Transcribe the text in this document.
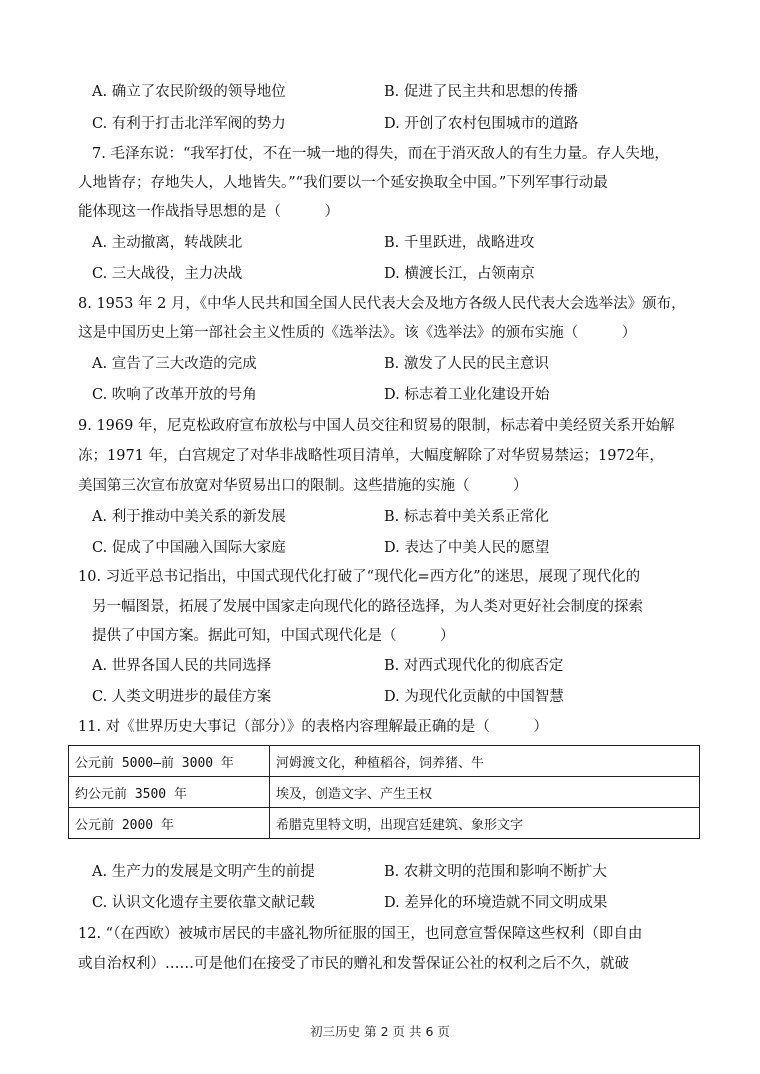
A. 确立了农民阶级的领导地位	B. 促进了民主共和思想的传播
C. 有利于打击北洋军阀的势力	D. 开创了农村包围城市的道路
7. 毛泽东说：“我军打仗，不在一城一地的得失，而在于消灭敌人的有生力量。存人失地，
人地皆存；存地失人，人地皆失。”“我们要以一个延安换取全中国。”下列军事行动最
能体现这一作战指导思想的是（　　　）
A. 主动撤离，转战陕北	B. 千里跃进，战略进攻
C. 三大战役，主力决战	D. 横渡长江，占领南京
8. 1953 年 2 月，《中华人民共和国全国人民代表大会及地方各级人民代表大会选举法》颁布，
这是中国历史上第一部社会主义性质的《选举法》。该《选举法》的颁布实施（　　　）
A. 宣告了三大改造的完成	B. 激发了人民的民主意识
C. 吹响了改革开放的号角	D. 标志着工业化建设开始
9. 1969 年，尼克松政府宣布放松与中国人员交往和贸易的限制，标志着中美经贸关系开始解
冻；1971 年，白宫规定了对华非战略性项目清单，大幅度解除了对华贸易禁运；1972年，
美国第三次宣布放宽对华贸易出口的限制。这些措施的实施（　　　）
A. 利于推动中美关系的新发展	B. 标志着中美关系正常化
C. 促成了中国融入国际大家庭	D. 表达了中美人民的愿望
10. 习近平总书记指出，中国式现代化打破了“现代化=西方化”的迷思，展现了现代化的
另一幅图景，拓展了发展中国家走向现代化的路径选择，为人类对更好社会制度的探索
提供了中国方案。据此可知，中国式现代化是（　　　）
A. 世界各国人民的共同选择	B. 对西式现代化的彻底否定
C. 人类文明进步的最佳方案	D. 为现代化贡献的中国智慧
11. 对《世界历史大事记（部分）》的表格内容理解最正确的是（　　　）
公元前 5000—前 3000 年	河姆渡文化，种植稻谷，饲养猪、牛
约公元前 3500 年	埃及，创造文字、产生王权
公元前 2000 年	希腊克里特文明，出现宫廷建筑、象形文字
A. 生产力的发展是文明产生的前提	B. 农耕文明的范围和影响不断扩大
C. 认识文化遗存主要依靠文献记载	D. 差异化的环境造就不同文明成果
12. “（在西欧）被城市居民的丰盛礼物所征服的国王，也同意宣誓保障这些权利（即自由
或自治权利）……可是他们在接受了市民的赠礼和发誓保证公社的权利之后不久，就破
初三历史 第 2 页 共 6 页
